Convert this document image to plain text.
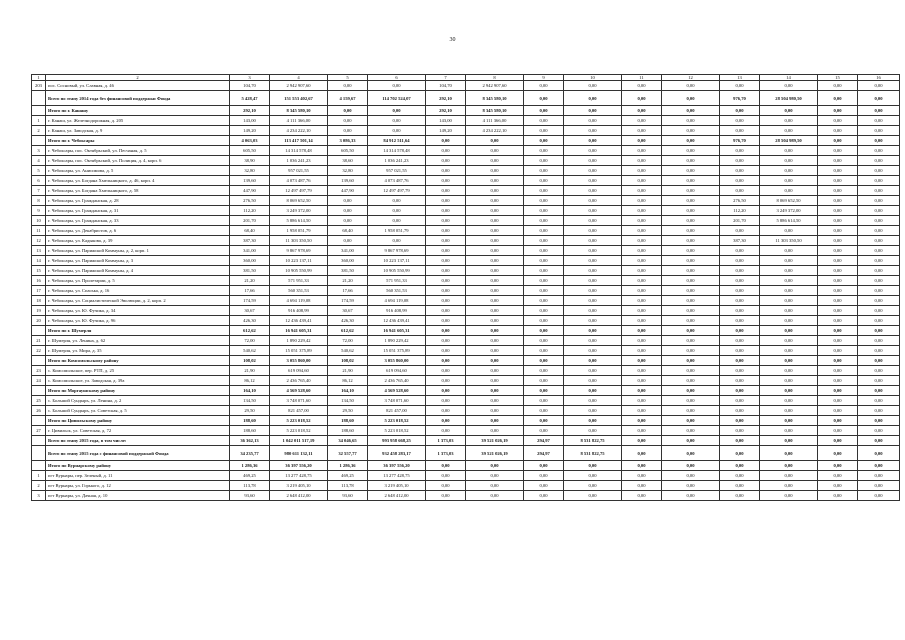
30
1	2	3	4	5	6	7	8	9	10	11	12	13	14	15	16
203	пос. Сосновый, ул. Славная, д. 46	104,70	2 942 907,60	0,00	0,00	104,70	2 942 907,60	0,00	0,00	0,00	0,00	0,00	0,00	0,00	0,00
	Всего по этапу 2014 года без финансовой поддержки Фонда	5 428,47	151 553 402,67	4 159,67	114 702 524,07	292,10	8 345 580,10	0,00	0,00	0,00	0,00	976,70	28 504 980,50	0,00	0,00
	Итого по г. Канашу	292,10	8 345 580,10	0,00	0,00	292,10	8 345 580,10	0,00	0,00	0,00	0,00	0,00	0,00	0,00	0,00
1	г. Канаш, ул. Железнодорожная, д. 205	143,00	4 111 366,00	0,00	0,00	143,00	4 111 366,00	0,00	0,00	0,00	0,00	0,00	0,00	0,00	0,00
2	г. Канаш, ул. Заводская, д. 9	149,20	4 234 222,10	0,00	0,00	149,20	4 234 222,10	0,00	0,00	0,00	0,00	0,00	0,00	0,00	0,00
	Итого по г. Чебоксары	4 063,03	113 417 501,14	3 086,33	84 912 511,64	0,00	0,00	0,00	0,00	0,00	0,00	976,70	28 504 989,50	0,00	0,00
3	г. Чебоксары, пос. Октябрьский, ул. Песчаная, д. 5	605,50	14 314 578,48	605,50	14 314 578,48	0,00	0,00	0,00	0,00	0,00	0,00	0,00	0,00	0,00	0,00
4	г. Чебоксары, пос. Октябрьский, ул. Полиция, д. 4, корп. 6	38,90	1 036 241,23	38,60	1 036 241,23	0,00	0,00	0,00	0,00	0,00	0,00	0,00	0,00	0,00	0,00
5	г. Чебоксары, ул. Анисимова, д. 5	32,80	957 021,55	32,80	957 021,55	0,00	0,00	0,00	0,00	0,00	0,00	0,00	0,00	0,00	0,00
6	г. Чебоксары, ул. Богдана Хмельницкого, д. 46, корп. 4	139,60	4 073 487,76	139,60	4 073 487,76	0,00	0,00	0,00	0,00	0,00	0,00	0,00	0,00	0,00	0,00
7	г. Чебоксары, ул. Богдана Хмельницкого, д. 58	447,90	12 497 497,79	447,90	12 497 497,79	0,00	0,00	0,00	0,00	0,00	0,00	0,00	0,00	0,00	0,00
8	г. Чебоксары, ул. Гражданская, д. 28	276,50	8 069 652,50	0,00	0,00	0,00	0,00	0,00	0,00	0,00	0,00	276,50	8 069 652,50	0,00	0,00
9	г. Чебоксары, ул. Гражданская, д. 31	112,20	3 249 372,00	0,00	0,00	0,00	0,00	0,00	0,00	0,00	0,00	112,20	3 249 372,00	0,00	0,00
10	г. Чебоксары, ул. Гражданская, д. 33	201,70	5 886 614,50	0,00	0,00	0,00	0,00	0,00	0,00	0,00	0,00	201,70	5 886 614,50	0,00	0,00
11	г. Чебоксары, ул. Декабристов, д. 6	68,40	1 958 051,79	68,40	1 958 051,79	0,00	0,00	0,00	0,00	0,00	0,00	0,00	0,00	0,00	0,00
12	г. Чебоксары, ул. Кадыкова, д. 39	387,30	11 303 350,50	0,00	0,00	0,00	0,00	0,00	0,00	0,00	0,00	387,30	11 303 350,50	0,00	0,00
13	г. Чебоксары, ул. Парижской Коммуны, д. 2, корп. 1	341,00	9 867 978,69	341,00	9 867 978,69	0,00	0,00	0,00	0,00	0,00	0,00	0,00	0,00	0,00	0,00
14	г. Чебоксары, ул. Парижской Коммуны, д. 3	360,00	10 223 137,11	360,00	10 223 137,11	0,00	0,00	0,00	0,00	0,00	0,00	0,00	0,00	0,00	0,00
15	г. Чебоксары, ул. Парижской Коммуны, д. 4	381,50	10 905 550,99	381,50	10 905 550,99	0,00	0,00	0,00	0,00	0,00	0,00	0,00	0,00	0,00	0,00
16	г. Чебоксары, ул. Пролетарии, д. 5	21,20	571 951,33	21,20	571 951,33	0,00	0,00	0,00	0,00	0,00	0,00	0,00	0,00	0,00	0,00
17	г. Чебоксары, ул. Спаська, д. 16	17,66	560 351,53	17,66	560 351,53	0,00	0,00	0,00	0,00	0,00	0,00	0,00	0,00	0,00	0,00
18	г. Чебоксары, ул. Социалистической Эволюции, д. 2, корп. 2	174,59	4 694 119,08	174,59	4 694 119,08	0,00	0,00	0,00	0,00	0,00	0,00	0,00	0,00	0,00	0,00
19	г. Чебоксары, ул. Ю. Фучика, д. 34	30,67	916 408,99	30,67	916 408,99	0,00	0,00	0,00	0,00	0,00	0,00	0,00	0,00	0,00	0,00
20	г. Чебоксары, ул. Ю. Фучика, д. 96	426,30	12 436 439,41	426,30	12 436 439,41	0,00	0,00	0,00	0,00	0,00	0,00	0,00	0,00	0,00	0,00
	Итого по г. Шумерля	612,62	16 941 605,31	612,62	16 941 605,31	0,00	0,00	0,00	0,00	0,00	0,00	0,00	0,00	0,00	0,00
21	г. Шумерля, ул. Ленина, д. 62	72,00	1 890 229,42	72,00	1 890 229,42	0,00	0,00	0,00	0,00	0,00	0,00	0,00	0,00	0,00	0,00
22	г. Шумерля, ул. Мира, д. 35	540,62	15 051 375,89	540,62	15 051 375,89	0,00	0,00	0,00	0,00	0,00	0,00	0,00	0,00	0,00	0,00
	Итого по Комсомольскому району	108,02	3 055 860,00	108,02	3 055 860,00	0,00	0,00	0,00	0,00	0,00	0,00	0,00	0,00	0,00	0,00
23	с. Комсомольское, пер. РТП, д. 25	21,90	619 094,60	21,90	619 094,60	0,00	0,00	0,00	0,00	0,00	0,00	0,00	0,00	0,00	0,00
24	с. Комсомольское, ул. Заводская, д. 39а	86,12	2 436 765,40	86,12	2 436 765,40	0,00	0,00	0,00	0,00	0,00	0,00	0,00	0,00	0,00	0,00
	Итого по Моргаушскому району	164,10	4 569 528,60	164,10	4 569 528,60	0,00	0,00	0,00	0,00	0,00	0,00	0,00	0,00	0,00	0,00
25	с. Большой Сундырь, ул. Ленина, д. 2	134,50	3 748 071,60	134,50	3 748 071,60	0,00	0,00	0,00	0,00	0,00	0,00	0,00	0,00	0,00	0,00
26	с. Большой Сундырь, ул. Советская, д. 5	29,50	821 457,00	29,50	821 457,00	0,00	0,00	0,00	0,00	0,00	0,00	0,00	0,00	0,00	0,00
	Итого по Цивильскому району	188,60	5 223 018,52	188,60	5 223 018,52	0,00	0,00	0,00	0,00	0,00	0,00	0,00	0,00	0,00	0,00
27	г. Цивильск, ул. Советская, д. 72	188,60	5 223 018,52	188,60	5 223 018,52	0,00	0,00	0,00	0,00	0,00	0,00	0,00	0,00	0,00	0,00
	Всего по этапу 2015 года, в том числе:	36 362,13	1 042 011 517,19	34 046,65	993 958 668,25	1 373,03	39 521 026,19	294,97	8 531 822,75	0,00	0,00	0,00	0,00	0,00	0,00
	Всего по этапу 2015 года с финансовой поддержкой Фонда	34 235,77	980 611 132,11	32 557,77	932 458 283,17	1 373,03	39 521 026,19	294,97	8 531 822,75	0,00	0,00	0,00	0,00	0,00	0,00
	Итого по Вурнарскому району	1 286,36	36 397 556,20	1 286,36	36 397 556,20	0,00	0,00	0,00	0,00	0,00	0,00	0,00	0,00	0,00	0,00
1	пгт Вурнары, пер. Зеленый, д. 11	469,25	13 277 428,75	469,25	13 277 428,75	0,00	0,00	0,00	0,00	0,00	0,00	0,00	0,00	0,00	0,00
2	пгт Вурнары, ул. Горького, д. 12	113,78	3 219 405,10	113,78	3 219 405,10	0,00	0,00	0,00	0,00	0,00	0,00	0,00	0,00	0,00	0,00
3	пгт Вурнары, ул. Дачная, д. 10	93,60	2 648 412,00	93,60	2 648 412,00	0,00	0,00	0,00	0,00	0,00	0,00	0,00	0,00	0,00	0,00
